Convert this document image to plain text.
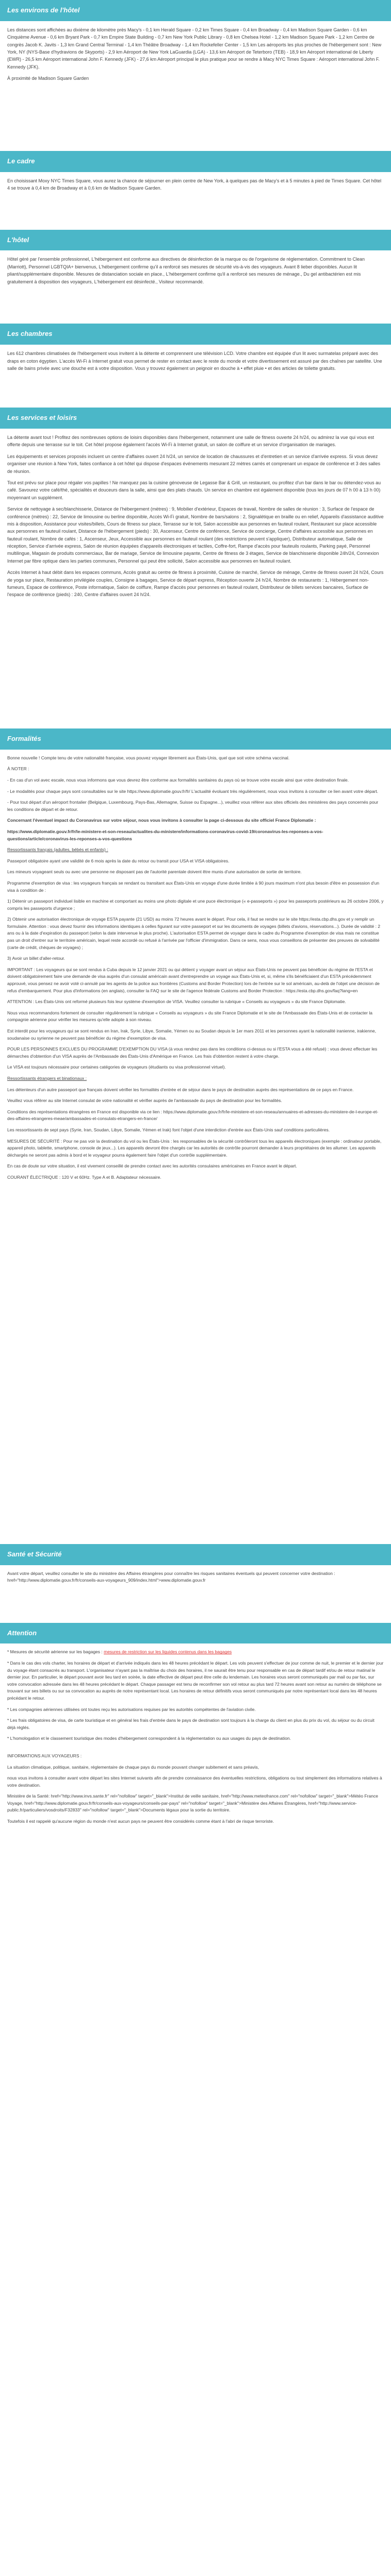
Les environs de l'hôtel

Les distances sont affichées au dixième de kilomètre près Macy's - 0,1 km Herald Square - 0,2 km Times Square - 0,4 km Broadway - 0,4 km Madison Square Garden - 0,6 km Cinquième Avenue - 0,6 km Bryant Park - 0,7 km Empire State Building - 0,7 km New York Public Library - 0,8 km Chelsea Hotel - 1,2 km Madison Square Park - 1,2 km Centre de congrès Jacob K. Javits - 1,3 km Grand Central Terminal - 1,4 km Théâtre Broadway - 1,4 km Rockefeller Center - 1,5 km Les aéroports les plus proches de l'hébergement sont : New York, NY (NYS-Base d'hydravions de Skyports) - 2,9 km Aéroport de New York LaGuardia (LGA) - 13,6 km Aéroport de Teterboro (TEB) - 18,9 km Aéroport international de Liberty (EWR) - 26,5 km Aéroport international John F. Kennedy (JFK) - 27,6 km Aéroport principal le plus pratique pour se rendre à Macy NYC Times Square : Aéroport international John F. Kennedy (JFK).

À proximité de Madison Square Garden

Le cadre

En choisissant Moxy NYC Times Square, vous aurez la chance de séjourner en plein centre de New York, à quelques pas de Macy's et à 5 minutes à pied de Times Square. Cet hôtel 4 se trouve à 0,4 km de Broadway et à 0,6 km de Madison Square Garden.

L'hôtel

Hôtel géré par l'ensemble professionnel, L'hébergement est conforme aux directives de désinfection de la marque ou de l'organisme de réglementation. Commitment to Clean (Marriott), Personnel LGBTQIA+ bienvenus, L'hébergement confirme qu'il a renforcé ses mesures de sécurité vis-à-vis des voyageurs. Avant 8 lieber disponibles. Aucun lit pliant/supplémentaire disponible. Mesures de distanciation sociale en place., L'hébergement confirme qu'il a renforcé ses mesures de ménage., Du gel antibactérien est mis gratuitement à disposition des voyageurs, L'hébergement est désinfecté., Visiteur recommandé.

Les chambres

Les 612 chambres climatisées de l'hébergement vous invitent à la détente et comprennent une télévision LCD. Votre chambre est équipée d'un lit avec surmatelas préparé avec des draps en coton égyptien. L'accès Wi-Fi à Internet gratuit vous permet de rester en contact avec le reste du monde et votre divertissement est assuré par des chaînes par satellite. Une salle de bains privée avec une douche est à votre disposition. Vous y trouvez également un peignoir en douche à • effet pluie • et des articles de toilette gratuits.

Les services et loisirs

La détente avant tout ! Profitez des nombreuses options de loisirs disponibles dans l'hébergement, notamment une salle de fitness ouverte 24 h/24, ou admirez la vue qui vous est offerte depuis une terrasse sur le toit. Cet hôtel propose également l'accès Wi-Fi à Internet gratuit, un salon de coiffure et un service d'organisation de mariages.

Les équipements et services proposés incluent un centre d'affaires ouvert 24 h/24, un service de location de chaussures et d'entretien et un service d'arrivée express. Si vous devez organiser une réunion à New York, faites confiance à cet hôtel qui dispose d'espaces événements mesurant 22 mètres carrés et comprenant un espace de conférence et 3 des salles de réunion.

Tout est prévu sur place pour régaler vos papilles ! Ne manquez pas la cuisine génoveuse de Legasse Bar & Grill, un restaurant, ou profitez d'un bar dans le bar ou détendez-vous au café. Savourez votre café/thé, spécialités et douceurs dans la salle, ainsi que des plats chauds. Un service en chambre est également disponible (tous les jours de 07 h 00 à 13 h 00) moyennant un supplément.

Service de nettoyage à sec/blanchisserie, Distance de l'hébergement (mètres) : 9, Mobilier d'extérieur, Espaces de travail, Nombre de salles de réunion : 3, Surface de l'espace de conférence (mètres) : 22, Service de limousine ou berline disponible, Accès Wi-Fi gratuit, Nombre de bars/salons : 2, Signalétique en braille ou en relief, Appareils d'assistance auditive mis à disposition, Assistance pour visites/billets, Cours de fitness sur place, Terrasse sur le toit, Salon accessible aux personnes en fauteuil roulant, Restaurant sur place accessible aux personnes en fauteuil roulant, Distance de l'hébergement (pieds) : 30, Ascenseur, Centre de conférence, Service de concierge, Centre d'affaires accessible aux personnes en fauteuil roulant, Nombre de cafés : 1, Ascenseur, Jeux, Accessible aux personnes en fauteuil roulant (des restrictions peuvent s'appliquer), Distributeur automatique, Salle de réception, Service d'arrivée express, Salon de réunion équipées d'appareils électroniques et tactiles, Coffre-fort, Rampe d'accès pour fauteuils roulants, Parking payé, Personnel multilingue, Magasin de produits commerciaux, Bar de mariage, Service de limousine payante, Centre de fitness de 3 étages, Service de blanchisserie disponible 24h/24, Connexion Internet par fibre optique dans les parties communes, Personnel qui peut être sollicité, Salon accessible aux personnes en fauteuil roulant.

Accès Internet à haut débit dans les espaces communs, Accès gratuit au centre de fitness à proximité, Cuisine de marché, Service de ménage, Centre de fitness ouvert 24 h/24, Cours de yoga sur place, Restauration privilégiée couples, Consigne à bagages, Service de départ express, Réception ouverte 24 h/24, Nombre de restaurants : 1, Hébergement non-fumeurs, Espace de conférence, Poste informatique, Salon de coiffure, Rampe d'accès pour personnes en fauteuil roulant, Distributeur de billets services bancaires, Surface de l'espace de conférence (pieds) : 240, Centre d'affaires ouvert 24 h/24.

Formalités

Bonne nouvelle ! Compte tenu de votre nationalité française, vous pouvez voyager librement aux États-Unis, quel que soit votre schéma vaccinal.

À NOTER :

- En cas d'un vol avec escale, nous vous informons que vous devrez être conforme aux formalités sanitaires du pays où se trouve votre escale ainsi que votre destination finale.

- Le modalités pour chaque pays sont consultables sur le site https://www.diplomatie.gouv.fr/fr/ L'actualité évoluant très régulièrement, nous vous invitons à consulter ce lien avant votre départ.

- Pour tout départ d'un aéroport frontalier (Belgique, Luxembourg, Pays-Bas, Allemagne, Suisse ou Espagne...), veuillez vous référer aux sites officiels des ministères des pays concernés pour les conditions de départ et de retour.

Concernant l'éventuel impact du Coronavirus sur votre séjour, nous vous invitons à consulter la page ci-dessous du site officiel France Diplomatie :

https://www.diplomatie.gouv.fr/fr/le-ministere-et-son-reseau/actualites-du-ministere/informations-coronavirus-covid-19/coronavirus-les-reponses-a-vos-questions/article/coronavirus-les-reponses-a-vos-questions

Ressortissants français (adultes, bébés et enfants) :

Passeport obligatoire ayant une validité de 6 mois après la date du retour ou transit pour USA et VISA obligatoires.

Les mineurs voyageant seuls ou avec une personne ne disposant pas de l'autorité parentale doivent être munis d'une autorisation de sortie de territoire.

Programme d'exemption de visa : les voyageurs français se rendant ou transitant aux États-Unis en voyage d'une durée limitée à 90 jours maximum n'ont plus besoin d'être en possession d'un visa à condition de :

1) Détenir un passeport individuel lisible en machine et comportant au moins une photo digitale et une puce électronique (« e-passeports ») pour les passeports postérieurs au 26 octobre 2006, y compris les passeports d'urgence ;

2) Obtenir une autorisation électronique de voyage ESTA payante (21 USD) au moins 72 heures avant le départ. Pour cela, il faut se rendre sur le site https://esta.cbp.dhs.gov et y remplir un formulaire. Attention : vous devez fournir des informations identiques à celles figurant sur votre passeport et sur les documents de voyages (billets d'avions, réservations...). Durée de validité : 2 ans ou à la date d'expiration du passeport (selon la date intervenue le plus proche). L'autorisation ESTA permet de voyager dans le cadre du Programme d'exemption de visa mais ne constitue pas un droit d'entrer sur le territoire américain, lequel reste accordé ou refusé à l'arrivée par l'officier d'immigration. Dans ce sens, nous vous conseillons de présenter des preuves de solvabilité (carte de crédit, chèques de voyages) ;

3) Avoir un billet d'aller-retour.

IMPORTANT : Les voyageurs qui se sont rendus à Cuba depuis le 12 janvier 2021 ou qui détient y voyager avant un séjour aux États-Unis ne peuvent pas bénéficier du régime de l'ESTA et doivent obligatoirement faire une demande de visa auprès d'un consulat américain avant d'entreprendre un voyage aux États-Unis et, si, même s'ils bénéficiaient d'un ESTA précédemment approuvé, vous pensez ne avoir voté ci-annulé par les agents de la police aux frontières (Customs and Border Protection) lors de l'entrée sur le sol américain, au-delà de l'objet une décision de refus d'embarquement. Pour plus d'informations (en anglais), consulter la FAQ sur le site de l'agence fédérale Customs and Border Protection : https://esta.cbp.dhs.gov/faq?lang=en

ATTENTION : Les États-Unis ont reformé plusieurs fois leur système d'exemption de VISA. Veuillez consulter la rubrique « Conseils au voyageurs » du site France Diplomatie.

Nous vous recommandons fortement de consulter régulièrement la rubrique « Conseils au voyageurs » du site France Diplomatie et le site de l'Ambassade des États-Unis et de contacter la compagnie aérienne pour vérifier les mesures qu'elle adopte à son niveau.

Est interdit pour les voyageurs qui se sont rendus en Iran, Irak, Syrie, Libye, Somalie, Yémen ou au Soudan depuis le 1er mars 2011 et les personnes ayant la nationalité iranienne, irakienne, soudanaise ou syrienne ne peuvent pas bénéficier du régime d'exemption de visa.

POUR LES PERSONNES EXCLUES DU PROGRAMME D'EXEMPTION DU VISA (à vous rendrez pas dans les conditions ci-dessus ou si l'ESTA vous a été refusé) : vous devez effectuer les démarches d'obtention d'un VISA auprès de l'Ambassade des États-Unis d'Amérique en France. Les frais d'obtention restent à votre charge.

Le VISA est toujours nécessaire pour certaines catégories de voyageurs (étudiants ou visa professionnel virtuel).

Ressortissants étrangers et binationaux :

Les détenteurs d'un autre passeport que français doivent vérifier les formalités d'entrée et de séjour dans le pays de destination auprès des représentations de ce pays en France.

Veuillez vous référer au site Internet consulat de votre nationalité et vérifier auprès de l'ambassade du pays de destination pour les formalités.

Conditions des représentations étrangères en France est disponible via ce lien : https://www.diplomatie.gouv.fr/fr/le-ministere-et-son-reseau/annuaires-et-adresses-du-ministere-de-l-europe-et-des-affaires-etrangeres-meae/ambassades-et-consulats-etrangers-en-france/

Les ressortissants de sept pays (Syrie, Iran, Soudan, Libye, Somalie, Yémen et Irak) font l'objet d'une interdiction d'entrée aux États-Unis sauf conditions particulières.

MESURES DE SÉCURITÉ : Pour ne pas voir la destination du vol ou les États-Unis : les responsables de la sécurité contrôleront tous les appareils électroniques (exemple : ordinateur portable, appareil photo, tablette, smartphone, console de jeux...). Les appareils devront être chargés car les autorités de contrôle pourront demander à leurs propriétaires de les allumer. Les appareils déchargés ne seront pas admis à bord et le voyageur pourra également faire l'objet d'un contrôle supplémentaire.

En cas de doute sur votre situation, il est vivement conseillé de prendre contact avec les autorités consulaires américaines en France avant le départ.

COURANT ÉLECTRIQUE : 120 V et 60Hz. Type A et B. Adaptateur nécessaire.

Santé et Sécurité

Avant votre départ, veuillez consulter le site du ministère des Affaires étrangères pour connaître les risques sanitaires éventuels qui peuvent concerner votre destination : href="http://www.diplomatie.gouv.fr/fr/conseils-aux-voyageurs_909/index.html">www.diplomatie.gouv.fr

Attention

* Mesures de sécurité aérienne sur les bagages : mesures de restriction sur les liquides contenus dans les bagages

* Dans le cas des vols charter, les horaires de départ et d'arrivée indiqués dans les 48 heures précédant le départ. Les vols peuvent s'effectuer de jour comme de nuit, le premier et le dernier jour du voyage étant consacrés au transport. L'organisateur n'ayant pas la maîtrise du choix des horaires, il ne saurait être tenu pour responsable en cas de départ tardif et/ou de retour matinal le dernier jour. En particulier, le départ pouvant avoir lieu tard en soirée, la date effective de départ peut être celle du lendemain. Les horaires vous seront communiqués par mail ou par fax, sur votre convocation adressée dans les 48 heures précédant le départ. Chaque passager est tenu de reconfirmer son vol retour au plus tard 72 heures avant son retour au numéro de téléphone se trouvant sur ses billets ou sur sa convocation au auprès de notre représentant local. Les horaires de retour définitifs vous seront communiqués par notre représentant local dans les 48 heures précédant le retour.

* Les compagnies aériennes utilisées ont toutes reçu les autorisations requises par les autorités compétentes de l'aviation civile.

* Les frais obligatoires de visa, de carte touristique et en général les frais d'entrée dans le pays de destination sont toujours à la charge du client en plus du prix du vol, du séjour ou du circuit déjà réglés.

* L'homologation et le classement touristique des modes d'hébergement correspondent à la réglementation ou aux usages du pays de destination.

INFORMATIONS AUX VOYAGEURS :

La situation climatique, politique, sanitaire, réglementaire de chaque pays du monde pouvant changer subitement et sans préavis,

nous vous invitons à consulter avant votre départ les sites Internet suivants afin de prendre connaissance des éventuelles restrictions, obligations ou tout simplement des informations relatives à votre destination.

Ministère de la Santé: href="http://www.invs.sante.fr" rel="nofollow" target="_blank">Institut de veille sanitaire, href="http://www.meteofrance.com" rel="nofollow" target="_blank">Météo France Voyage, href="http://www.diplomatie.gouv.fr/fr/conseils-aux-voyageurs/conseils-par-pays" rel="nofollow" target="_blank">Ministère des Affaires Étrangères, href="http://www.service-public.fr/particuliers/vosdroits/F32833" rel="nofollow" target="_blank">Documents légaux pour la sortie du territoire.

Toutefois il est rappelé qu'aucune région du monde n'est aucun pays ne peuvent être considérés comme étant à l'abri de risque terroriste.
